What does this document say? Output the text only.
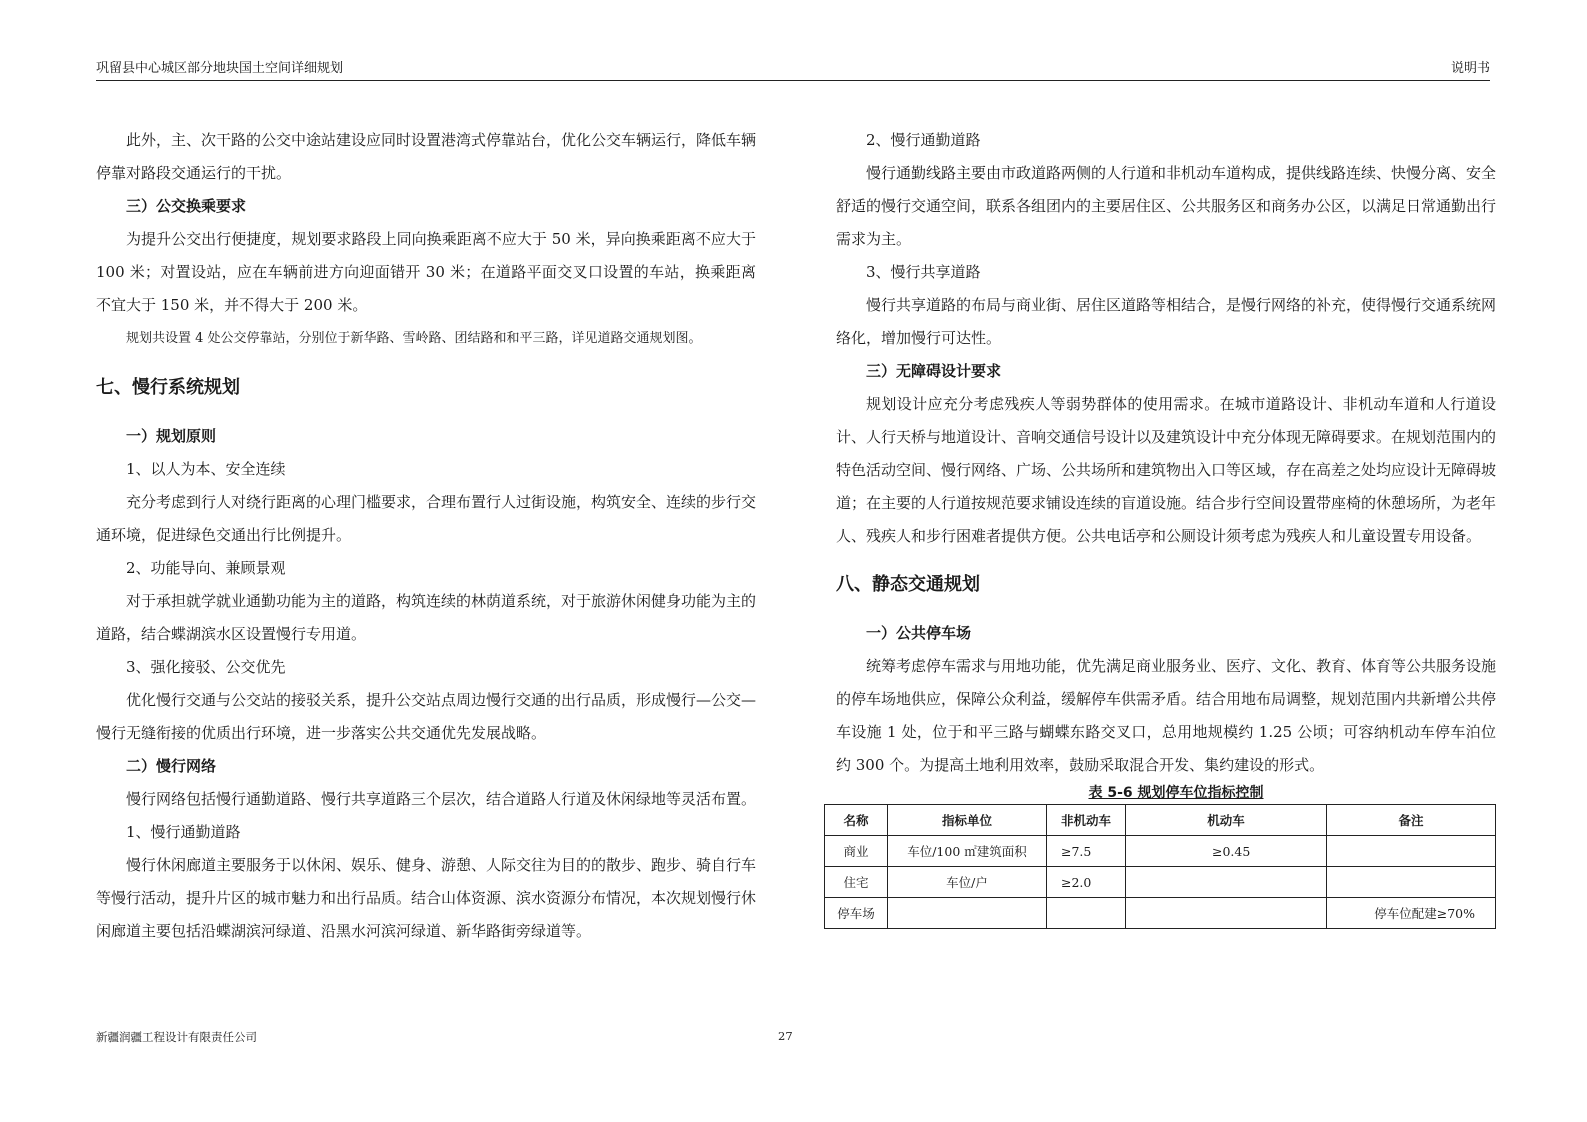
巩留县中心城区部分地块国土空间详细规划	说明书

此外，主、次干路的公交中途站建设应同时设置港湾式停靠站台，优化公交车辆运行，降低车辆停靠对路段交通运行的干扰。

三）公交换乘要求

为提升公交出行便捷度，规划要求路段上同向换乘距离不应大于 50 米，异向换乘距离不应大于 100 米；对置设站，应在车辆前进方向迎面错开 30 米；在道路平面交叉口设置的车站，换乘距离不宜大于 150 米，并不得大于 200 米。

规划共设置 4 处公交停靠站，分别位于新华路、雪岭路、团结路和和平三路，详见道路交通规划图。

七、慢行系统规划

一）规划原则

1、以人为本、安全连续

充分考虑到行人对绕行距离的心理门槛要求，合理布置行人过街设施，构筑安全、连续的步行交通环境，促进绿色交通出行比例提升。

2、功能导向、兼顾景观

对于承担就学就业通勤功能为主的道路，构筑连续的林荫道系统，对于旅游休闲健身功能为主的道路，结合蝶湖滨水区设置慢行专用道。

3、强化接驳、公交优先

优化慢行交通与公交站的接驳关系，提升公交站点周边慢行交通的出行品质，形成慢行—公交—慢行无缝衔接的优质出行环境，进一步落实公共交通优先发展战略。

二）慢行网络

慢行网络包括慢行通勤道路、慢行共享道路三个层次，结合道路人行道及休闲绿地等灵活布置。

1、慢行通勤道路

慢行休闲廊道主要服务于以休闲、娱乐、健身、游憩、人际交往为目的的散步、跑步、骑自行车等慢行活动，提升片区的城市魅力和出行品质。结合山体资源、滨水资源分布情况，本次规划慢行休闲廊道主要包括沿蝶湖滨河绿道、沿黑水河滨河绿道、新华路街旁绿道等。

2、慢行通勤道路

慢行通勤线路主要由市政道路两侧的人行道和非机动车道构成，提供线路连续、快慢分离、安全舒适的慢行交通空间，联系各组团内的主要居住区、公共服务区和商务办公区，以满足日常通勤出行需求为主。

3、慢行共享道路

慢行共享道路的布局与商业街、居住区道路等相结合，是慢行网络的补充，使得慢行交通系统网络化，增加慢行可达性。

三）无障碍设计要求

规划设计应充分考虑残疾人等弱势群体的使用需求。在城市道路设计、非机动车道和人行道设计、人行天桥与地道设计、音响交通信号设计以及建筑设计中充分体现无障碍要求。在规划范围内的特色活动空间、慢行网络、广场、公共场所和建筑物出入口等区域，存在高差之处均应设计无障碍坡道；在主要的人行道按规范要求铺设连续的盲道设施。结合步行空间设置带座椅的休憩场所，为老年人、残疾人和步行困难者提供方便。公共电话亭和公厕设计须考虑为残疾人和儿童设置专用设备。

八、静态交通规划

一）公共停车场

统筹考虑停车需求与用地功能，优先满足商业服务业、医疗、文化、教育、体育等公共服务设施的停车场地供应，保障公众利益，缓解停车供需矛盾。结合用地布局调整，规划范围内共新增公共停车设施 1 处，位于和平三路与蝴蝶东路交叉口，总用地规模约 1.25 公顷；可容纳机动车停车泊位约 300 个。为提高土地利用效率，鼓励采取混合开发、集约建设的形式。

表 5-6 规划停车位指标控制

名称	指标单位	非机动车	机动车	备注
商业	车位/100 ㎡建筑面积	≥7.5	≥0.45	
住宅	车位/户	≥2.0		
停车场				停车位配建≥70%
新疆润疆工程设计有限责任公司	27
